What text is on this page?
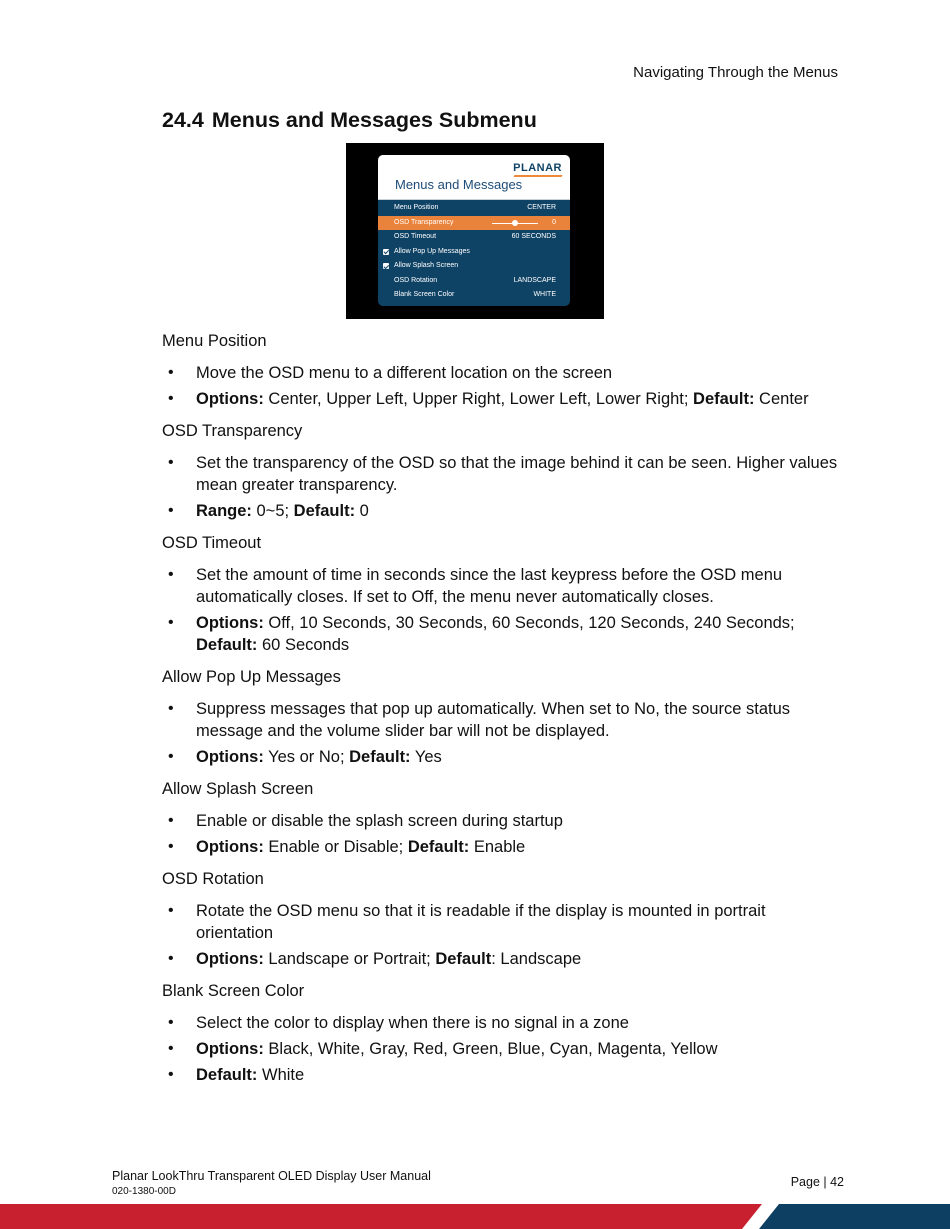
Navigating Through the Menus
24.4 Menus and Messages Submenu
PLANAR
Menus and Messages
Menu Position	CENTER
OSD Transparency	0
OSD Timeout	60 SECONDS
Allow Pop Up Messages
Allow Splash Screen
OSD Rotation	LANDSCAPE
Blank Screen Color	WHITE

Menu Position

• Move the OSD menu to a different location on the screen
• Options: Center, Upper Left, Upper Right, Lower Left, Lower Right; Default: Center

OSD Transparency

• Set the transparency of the OSD so that the image behind it can be seen. Higher values mean greater transparency.
• Range: 0~5; Default: 0

OSD Timeout

• Set the amount of time in seconds since the last keypress before the OSD menu automatically closes. If set to Off, the menu never automatically closes.
• Options: Off, 10 Seconds, 30 Seconds, 60 Seconds, 120 Seconds, 240 Seconds; Default: 60 Seconds

Allow Pop Up Messages

• Suppress messages that pop up automatically. When set to No, the source status message and the volume slider bar will not be displayed.
• Options: Yes or No; Default: Yes

Allow Splash Screen

• Enable or disable the splash screen during startup
• Options: Enable or Disable; Default: Enable

OSD Rotation

• Rotate the OSD menu so that it is readable if the display is mounted in portrait orientation
• Options: Landscape or Portrait; Default: Landscape

Blank Screen Color

• Select the color to display when there is no signal in a zone
• Options: Black, White, Gray, Red, Green, Blue, Cyan, Magenta, Yellow
• Default: White
Planar LookThru Transparent OLED Display User Manual
020-1380-00D
Page | 42
